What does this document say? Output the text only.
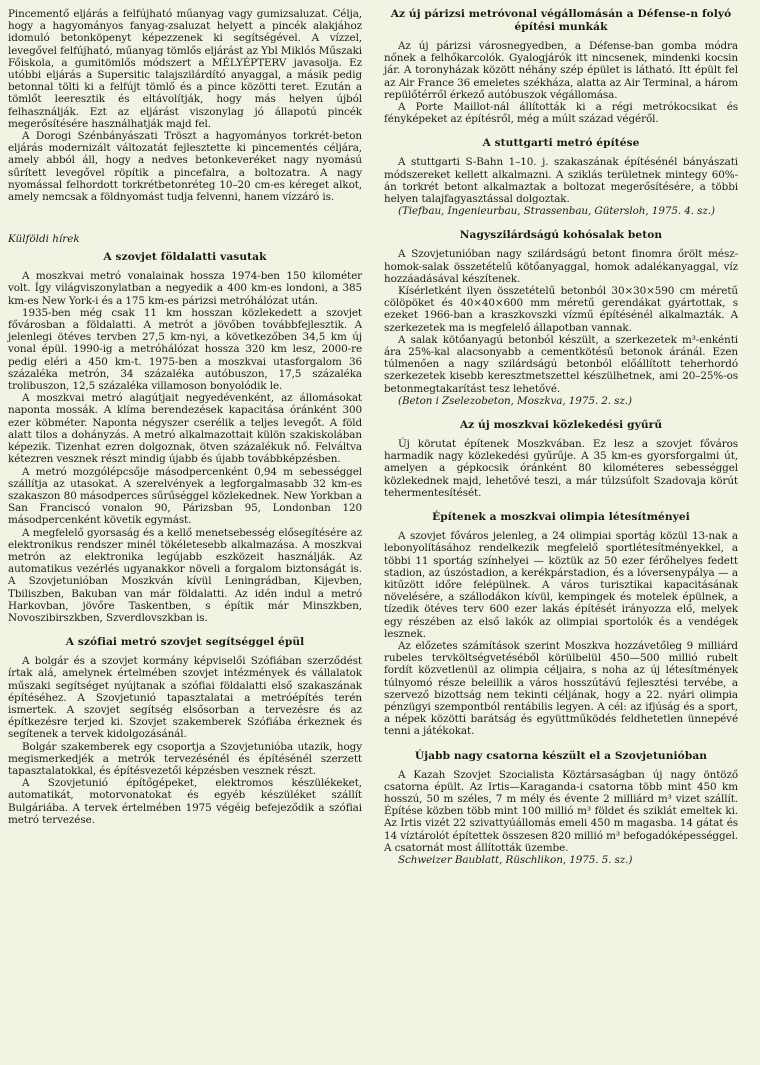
Pincementő eljárás a felfújható műanyag vagy gumizsaluzat. Célja, hogy a hagyományos fanyag-zsaluzat helyett a pincék alakjához idomuló betonköpenyt képezzenek ki segítségével. A vízzel, levegővel felfújható, műanyag tömlős eljárást az Ybl Miklós Műszaki Főiskola, a gumitömlős módszert a MÉLYÉPTERV javasolja. Ez utóbbi eljárás a Supersitic talajszilárdító anyaggal, a másik pedig betonnal tölti ki a felfújt tömlő és a pince közötti teret. Ezután a tömlőt leeresztik és eltávolítják, hogy más helyen újból felhasználják. Ezt az eljárást viszonylag jó állapotú pincék megerősítésére használhatják majd fel.

A Dorogi Szénbányászati Tröszt a hagyományos torkrét-beton eljárás modernizált változatát fejlesztette ki pincementés céljára, amely abból áll, hogy a nedves betonkeveréket nagy nyomású sűrített levegővel röpítik a pincefalra, a boltozatra. A nagy nyomással felhordott torkrétbetonréteg 10–20 cm-es kéreget alkot, amely nemcsak a földnyomást tudja felvenni, hanem vízzáró is.

Külföldi hírek
A szovjet földalatti vasutak

A moszkvai metró vonalainak hossza 1974-ben 150 kilométer volt. Így világviszonylatban a negyedik a 400 km-es londoni, a 385 km-es New York-i és a 175 km-es párizsi metróhálózat után.

1935-ben még csak 11 km hosszan közlekedett a szovjet fővárosban a földalatti. A metrót a jövőben továbbfejlesztik. A jelenlegi ötéves tervben 27,5 km-nyi, a következőben 34,5 km új vonal épül. 1990-ig a metróhálózat hossza 320 km lesz, 2000-re pedig eléri a 450 km-t. 1975-ben a moszkvai utasforgalom 36 százaléka metrón, 34 százaléka autóbuszon, 17,5 százaléka trolibuszon, 12,5 százaléka villamoson bonyolódik le.

A moszkvai metró alagútjait negyedévenként, az állomásokat naponta mossák. A klíma berendezések kapacitása óránként 300 ezer köbméter. Naponta négyszer cserélik a teljes levegőt. A föld alatt tilos a dohányzás. A metró alkalmazottait külön szakiskolában képezik. Tizenhat ezren dolgoznak, ötven százalékuk nő. Felváltva kétezren vesznek részt mindig újabb és újabb továbbképzésben.

A metró mozgólépcsője másodpercenként 0,94 m sebességgel szállítja az utasokat. A szerelvények a legforgalmasabb 32 km-es szakaszon 80 másodperces sűrűséggel közlekednek. New Yorkban a San Franciscó vonalon 90, Párizsban 95, Londonban 120 másodpercenként követik egymást.

A megfelelő gyorsaság és a kellő menetsebesség elősegítésére az elektronikus rendszer minél tökéletesebb alkalmazása. A moszkvai metrón az elektronika legújabb eszközeit használják. Az automatikus vezérlés ugyanakkor növeli a forgalom biztonságát is. A Szovjetunióban Moszkván kívül Leningrádban, Kijevben, Tbiliszben, Bakuban van már földalatti. Az idén indul a metró Harkovban, jövőre Taskentben, s építik már Minszkben, Novoszibirszkben, Szverdlovszkban is.

A szófiai metró szovjet segítséggel épül

A bolgár és a szovjet kormány képviselői Szófiában szerződést írtak alá, amelynek értelmében szovjet intézmények és vállalatok műszaki segítséget nyújtanak a szófiai földalatti első szakaszának építéséhez. A Szovjetunió tapasztalatai a metróépítés terén ismertek. A szovjet segítség elsősorban a tervezésre és az építkezésre terjed ki. Szovjet szakemberek Szófiába érkeznek és segítenek a tervek kidolgozásánál.

Bolgár szakemberek egy csoportja a Szovjetunióba utazik, hogy megismerkedjék a metrók tervezésénél és építésénél szerzett tapasztalatokkal, és építésvezetői képzésben vesznek részt.

A Szovjetunió építőgépeket, elektromos készülékeket, automatikát, motorvonatokat és egyéb készüléket szállít Bulgáriába. A tervek értelmében 1975 végéig befejeződik a szófiai metró tervezése.

Az új párizsi metróvonal végállomásán a Défense-n folyó építési munkák

Az új párizsi városnegyedben, a Défense-ban gomba módra nőnek a felhőkarcolók. Gyalogjárók itt nincsenek, mindenki kocsin jár. A toronyházak között néhány szép épület is látható. Itt épült fel az Air France 36 emeletes székháza, alatta az Air Terminal, a három repülőtérről érkező autóbuszok végállomása.

A Porte Maillot-nál állították ki a régi metrókocsikat és fényképeket az építésről, még a múlt század végéről.

A stuttgarti metró építése

A stuttgarti S-Bahn 1–10. j. szakaszának építésénél bányászati módszereket kellett alkalmazni. A sziklás területnek mintegy 60%-án torkrét betont alkalmaztak a boltozat megerősítésére, a többi helyen talajfagyasztással dolgoztak.

(Tiefbau, Ingenieurbau, Strassenbau, Gütersloh, 1975. 4. sz.)

Nagyszilárdságú kohósalak beton

A Szovjetunióban nagy szilárdságú betont finomra őrölt mész-homok-salak összetételű kötőanyaggal, homok adalékanyaggal, víz hozzáadásával készítenek.

Kísérletként ilyen összetételű betonból 30×30×590 cm méretű cölöpöket és 40×40×600 mm méretű gerendákat gyártottak, s ezeket 1966-ban a kraszkovszki vízmű építésénél alkalmazták. A szerkezetek ma is megfelelő állapotban vannak.

A salak kötőanyagú betonból készült, a szerkezetek m³-enkénti ára 25%-kal alacsonyabb a cementkötésű betonok áránál. Ezen túlmenően a nagy szilárdságú betonból előállított teherhordó szerkezetek kisebb keresztmetszettel készülhetnek, ami 20–25%-os betonmegtakarítást tesz lehetővé.

(Beton i Zselezobeton, Moszkva, 1975. 2. sz.)

Az új moszkvai közlekedési gyűrű

Új körutat építenek Moszkvában. Ez lesz a szovjet főváros harmadik nagy közlekedési gyűrűje. A 35 km-es gyorsforgalmi út, amelyen a gépkocsik óránként 80 kilométeres sebességgel közlekednek majd, lehetővé teszi, a már túlzsúfolt Szadovaja körút tehermentesítését.

Építenek a moszkvai olimpia létesítményei

A szovjet főváros jelenleg, a 24 olimpiai sportág közül 13-nak a lebonyolításához rendelkezik megfelelő sportlétesítményekkel, a többi 11 sportág színhelyei — köztük az 50 ezer férőhelyes fedett stadion, az úszóstadion, a kerékpárstadion, és a lóversenypálya — a kitűzött időre felépülnek. A város turisztikai kapacitásának növelésére, a szállodákon kívül, kempingek és motelek épülnek, a tízedik ötéves terv 600 ezer lakás építését irányozza elő, melyek egy részében az első lakók az olimpiai sportolók és a vendégek lesznek.

Az előzetes számítások szerint Moszkva hozzávetőleg 9 milliárd rubeles tervköltségvetéséből körülbelül 450—500 millió rubelt fordít közvetlenül az olimpia céljaira, s noha az új létesítmények túlnyomó része beleillik a város hosszútávú fejlesztési tervébe, a szervező bizottság nem tekinti céljának, hogy a 22. nyári olimpia pénzügyi szempontból rentábilis legyen. A cél: az ifjúság és a sport, a népek közötti barátság és együttműködés feldhetetlen ünnepévé tenni a játékokat.

Újabb nagy csatorna készült el a Szovjetunióban

A Kazah Szovjet Szocialista Köztársaságban új nagy öntöző csatorna épült. Az Irtis—Karaganda-i csatorna több mint 450 km hosszú, 50 m széles, 7 m mély és évente 2 milliárd m³ vizet szállít. Építése közben több mint 100 millió m³ földet és sziklát emeltek ki. Az Irtis vizét 22 szivattyúállomás emeli 450 m magasba. 14 gátat és 14 víztárolót építettek összesen 820 millió m³ befogadóképességgel. A csatornát most állították üzembe.

Schweizer Baublatt, Rüschlikon, 1975. 5. sz.)
